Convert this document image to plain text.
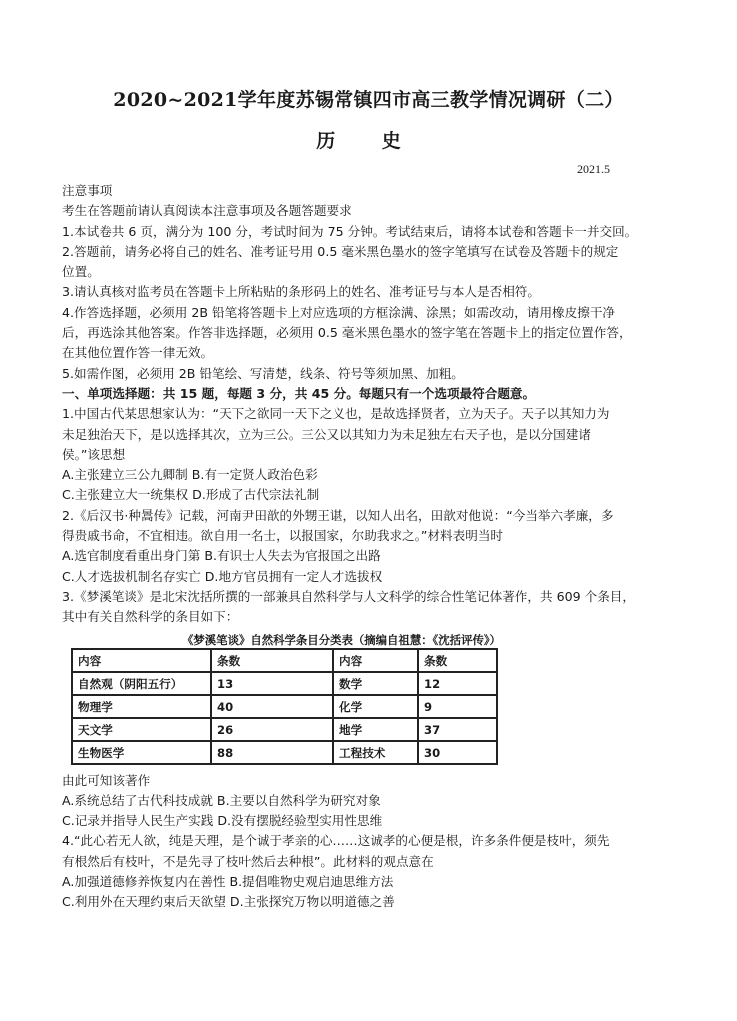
2020~2021学年度苏锡常镇四市高三教学情况调研（二）
历 史
2021.5
注意事项
考生在答题前请认真阅读本注意事项及各题答题要求
1.本试卷共 6 页，满分为 100 分，考试时间为 75 分钟。考试结束后，请将本试卷和答题卡一并交回。
2.答题前，请务必将自己的姓名、准考证号用 0.5 毫米黑色墨水的签字笔填写在试卷及答题卡的规定
位置。
3.请认真核对监考员在答题卡上所粘贴的条形码上的姓名、准考证号与本人是否相符。
4.作答选择题，必须用 2B 铅笔将答题卡上对应选项的方框涂满、涂黑；如需改动，请用橡皮擦干净
后，再选涂其他答案。作答非选择题，必须用 0.5 毫米黑色墨水的签字笔在答题卡上的指定位置作答，
在其他位置作答一律无效。
5.如需作图，必须用 2B 铅笔绘、写清楚，线条、符号等须加黑、加粗。
一、单项选择题：共 15 题，每题 3 分，共 45 分。每题只有一个选项最符合题意。
1.中国古代某思想家认为：“天下之欲同一天下之义也，是故选择贤者，立为天子。天子以其知力为
未足独治天下，是以选择其次，立为三公。三公又以其知力为未足独左右天子也，是以分国建诸
侯。”该思想
A.主张建立三公九卿制 B.有一定贤人政治色彩
C.主张建立大一统集权 D.形成了古代宗法礼制
2.《后汉书·种暠传》记载，河南尹田歆的外甥王谌，以知人出名，田歆对他说：“今当举六孝廉，多
得贵戚书命，不宜相违。欲自用一名士，以报国家，尔助我求之。”材料表明当时
A.选官制度看重出身门第 B.有识士人失去为官报国之出路
C.人才选拔机制名存实亡 D.地方官员拥有一定人才选拔权
3.《梦溪笔谈》是北宋沈括所撰的一部兼具自然科学与人文科学的综合性笔记体著作，共 609 个条目，
其中有关自然科学的条目如下：
《梦溪笔谈》自然科学条目分类表（摘编自祖慧：《沈括评传》）
内容	条数	内容	条数
自然观（阴阳五行）	13	数学	12
物理学	40	化学	9
天文学	26	地学	37
生物医学	88	工程技术	30
由此可知该著作
A.系统总结了古代科技成就 B.主要以自然科学为研究对象
C.记录并指导人民生产实践 D.没有摆脱经验型实用性思维
4.“此心若无人欲，纯是天理，是个诚于孝亲的心……这诚孝的心便是根，许多条件便是枝叶，须先
有根然后有枝叶，不是先寻了枝叶然后去种根”。此材料的观点意在
A.加强道德修养恢复内在善性 B.提倡唯物史观启迪思维方法
C.利用外在天理约束后天欲望 D.主张探究万物以明道德之善
